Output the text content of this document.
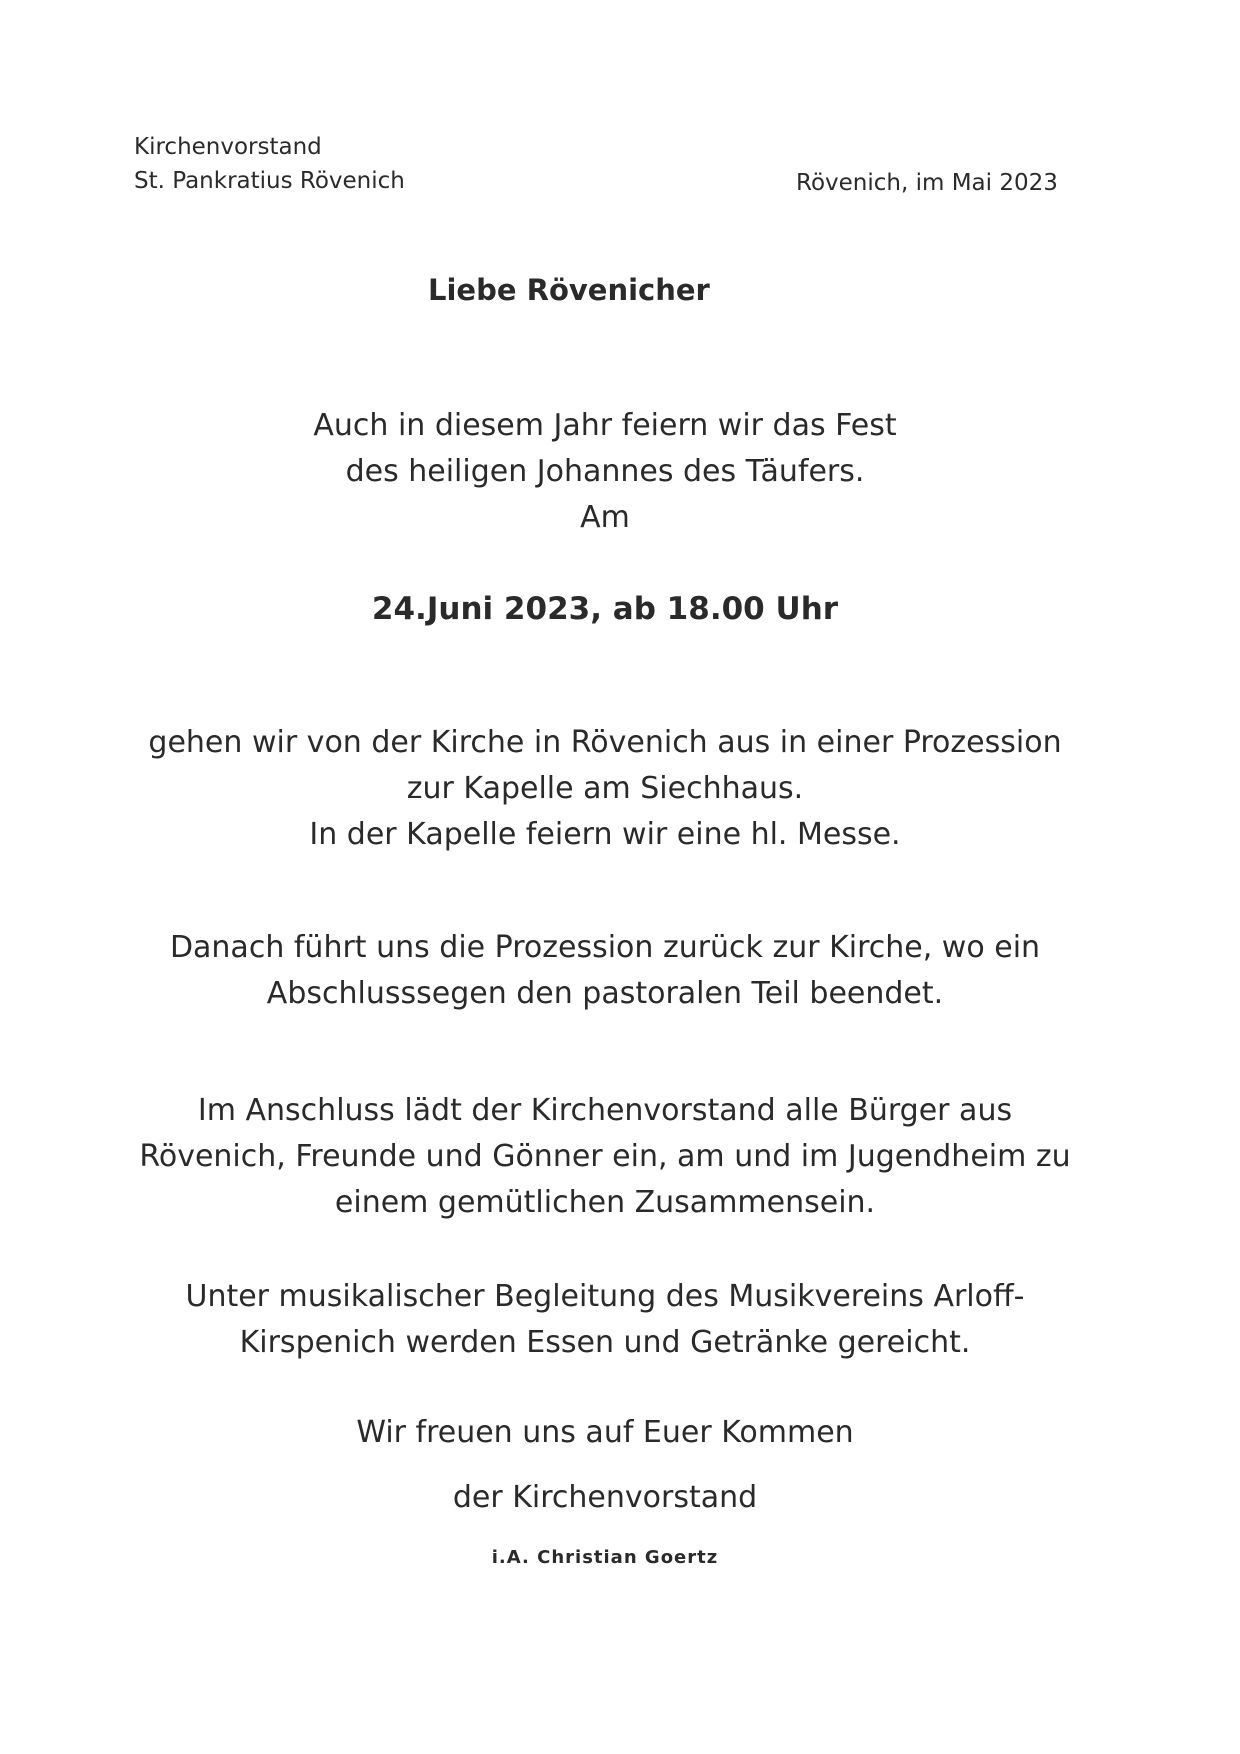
Kirchenvorstand
St. Pankratius Rövenich	Rövenich, im Mai 2023
Liebe Rövenicher

Auch in diesem Jahr feiern wir das Fest

des heiligen Johannes des Täufers.

Am

24.Juni 2023, ab 18.00 Uhr

gehen wir von der Kirche in Rövenich aus in einer Prozession

zur Kapelle am Siechhaus.

In der Kapelle feiern wir eine hl. Messe.

Danach führt uns die Prozession zurück zur Kirche, wo ein

Abschlusssegen den pastoralen Teil beendet.

Im Anschluss lädt der Kirchenvorstand alle Bürger aus

Rövenich, Freunde und Gönner ein, am und im Jugendheim zu

einem gemütlichen Zusammensein.

Unter musikalischer Begleitung des Musikvereins Arloff-

Kirspenich werden Essen und Getränke gereicht.

Wir freuen uns auf Euer Kommen
der Kirchenvorstand
i.A. Christian Goertz
